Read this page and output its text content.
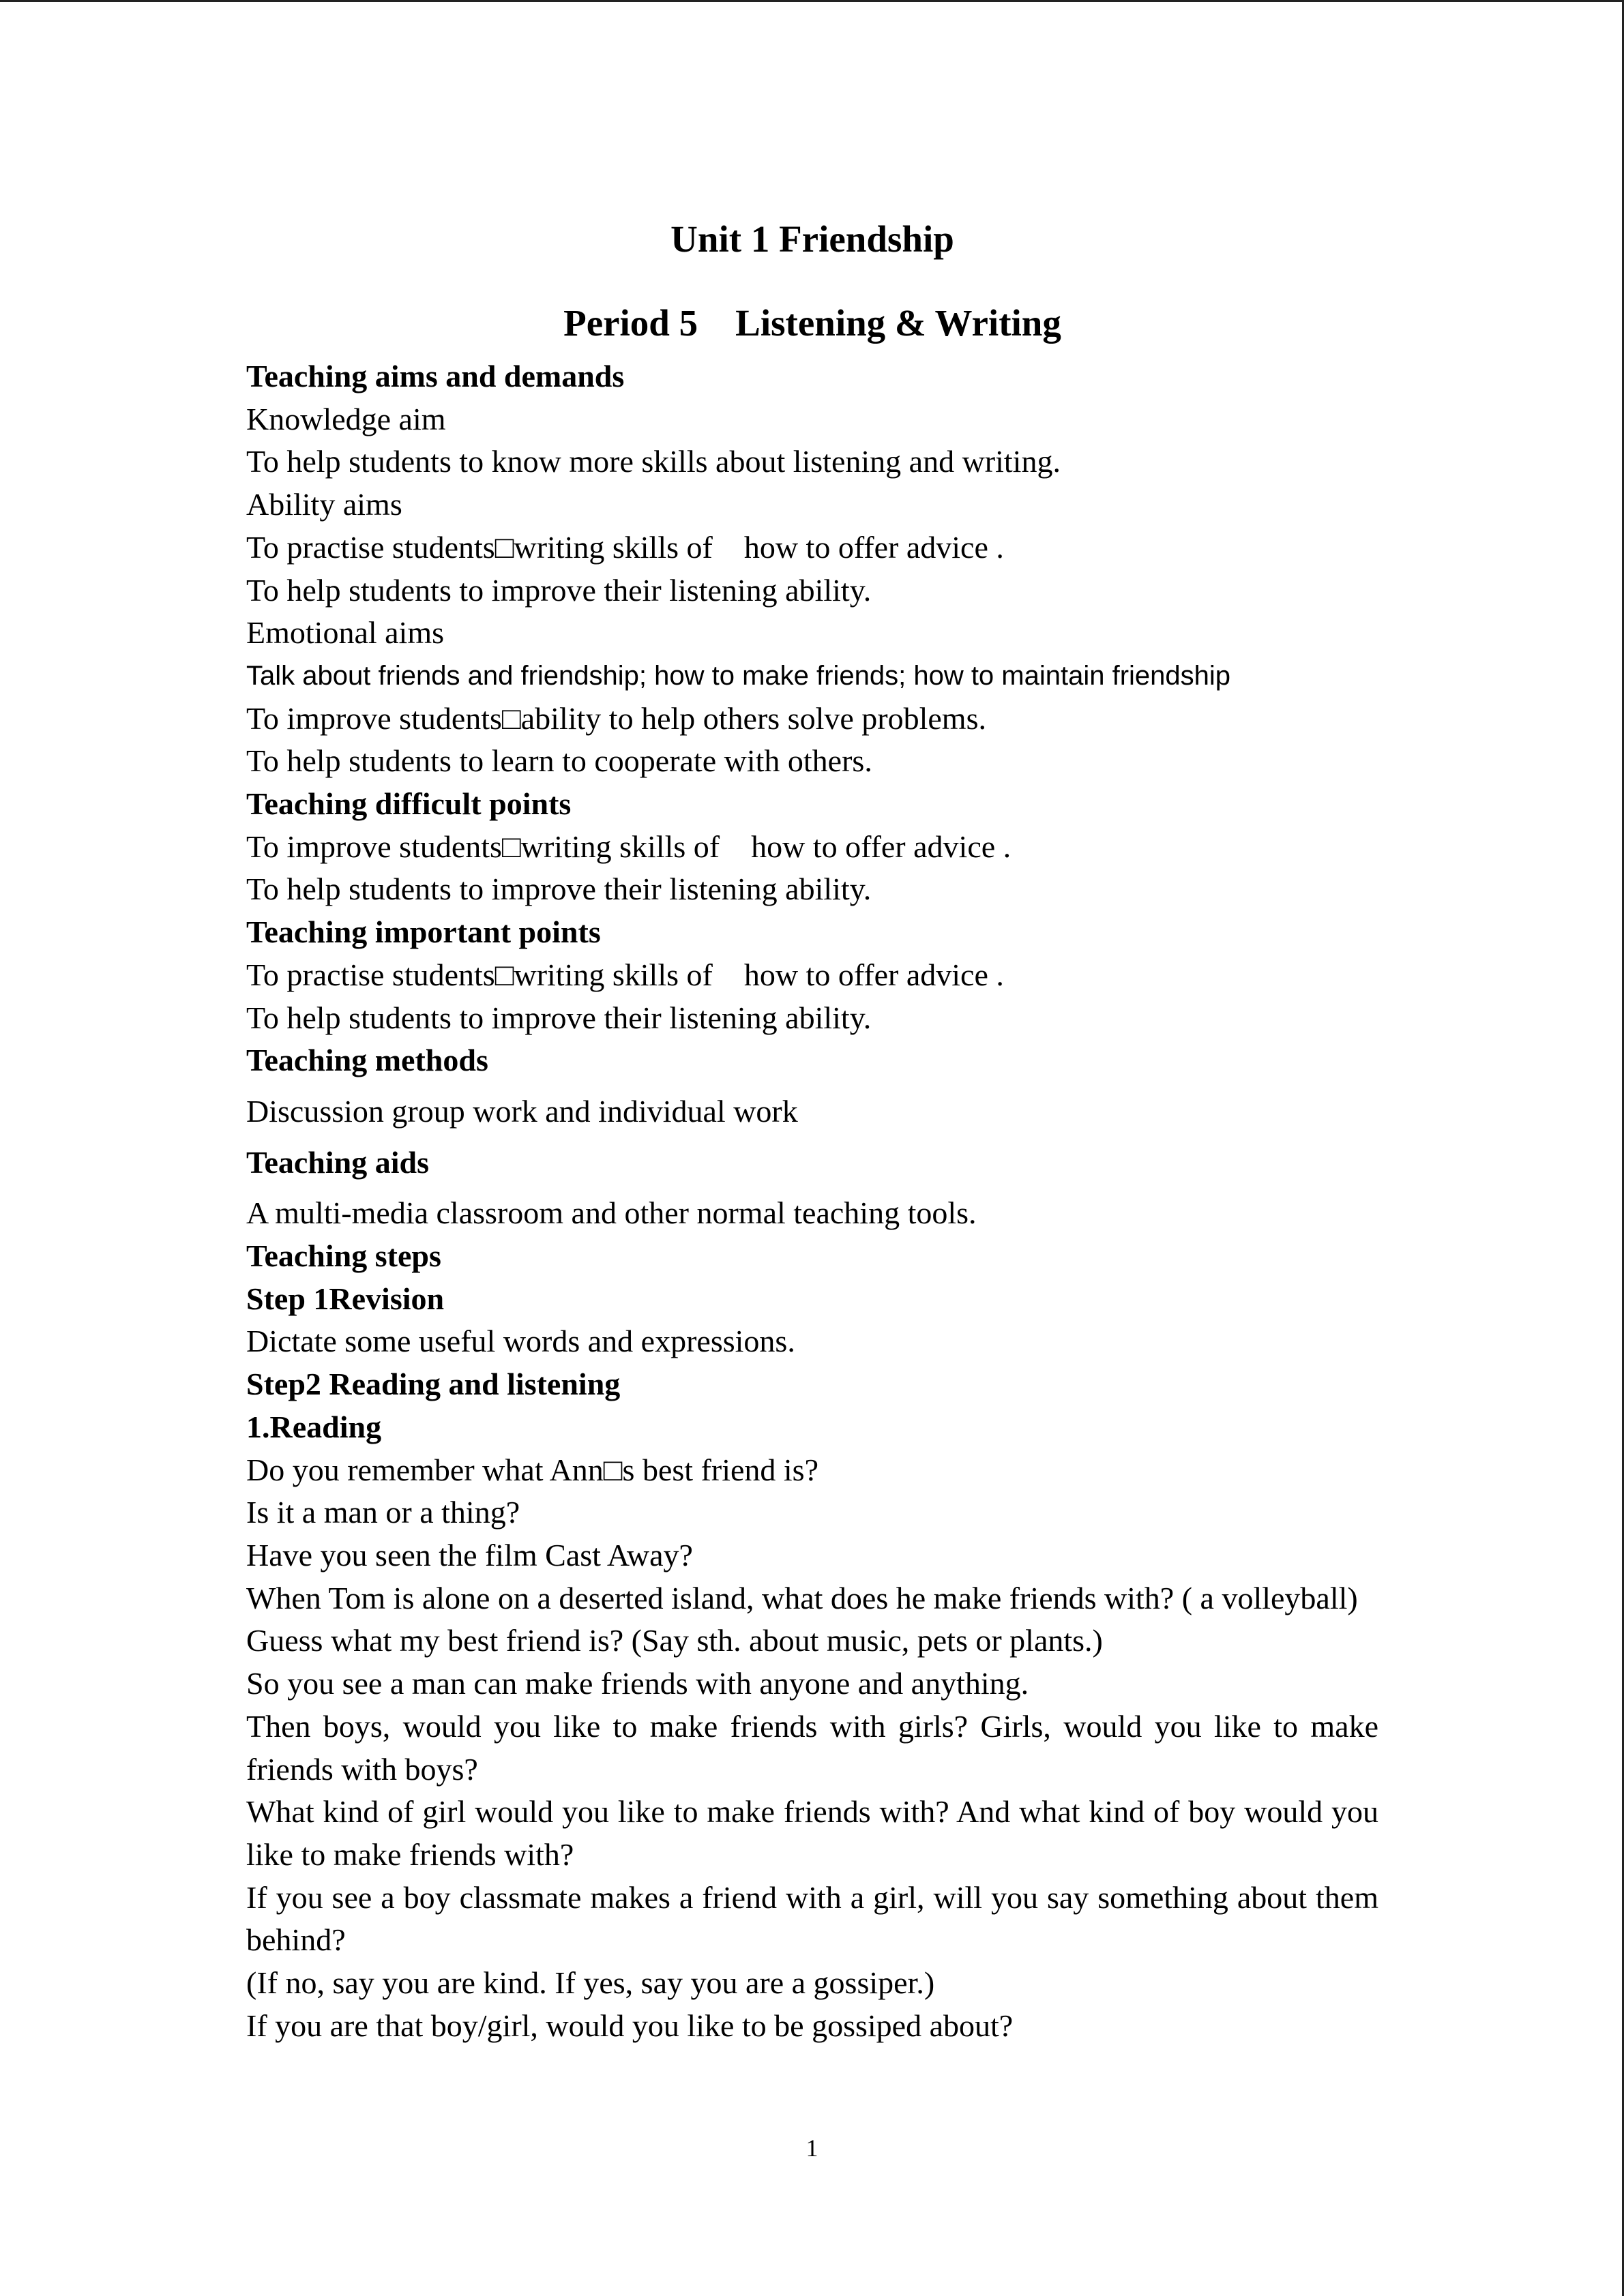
Unit 1 Friendship
Period 5    Listening & Writing

Teaching aims and demands

Knowledge aim

To help students to know more skills about listening and writing.

Ability aims

To practise students□writing skills of    how to offer advice .

To help students to improve their listening ability.

Emotional aims

Talk about friends and friendship; how to make friends; how to maintain friendship

To improve students□ability to help others solve problems.

To help students to learn to cooperate with others.

Teaching difficult points

To improve students□writing skills of    how to offer advice .

To help students to improve their listening ability.

Teaching important points

To practise students□writing skills of    how to offer advice .

To help students to improve their listening ability.

Teaching methods

Discussion group work and individual work

Teaching aids

A multi-media classroom and other normal teaching tools.

Teaching steps

Step 1Revision

Dictate some useful words and expressions.

Step2 Reading and listening

1.Reading

Do you remember what Ann□s best friend is?

Is it a man or a thing?

Have you seen the film Cast Away?

When Tom is alone on a deserted island, what does he make friends with? ( a volleyball)

Guess what my best friend is? (Say sth. about music, pets or plants.)

So you see a man can make friends with anyone and anything.

Then boys, would you like to make friends with girls? Girls, would you like to make friends with boys?

What kind of girl would you like to make friends with? And what kind of boy would you like to make friends with?

If you see a boy classmate makes a friend with a girl, will you say something about them behind?

(If no, say you are kind. If yes, say you are a gossiper.)

If you are that boy/girl, would you like to be gossiped about?

1
